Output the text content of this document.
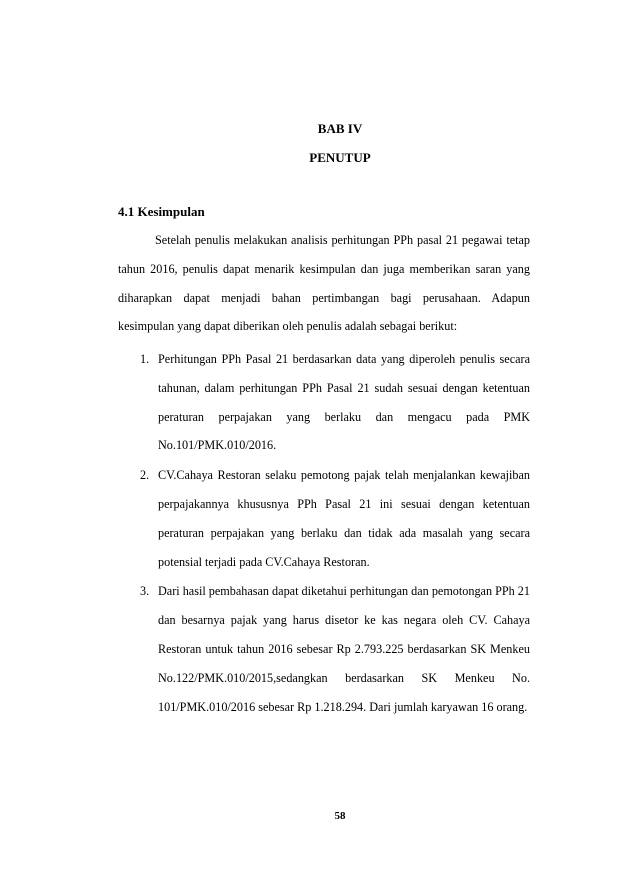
BAB IV
PENUTUP
4.1 Kesimpulan

Setelah penulis melakukan analisis perhitungan PPh pasal 21 pegawai tetap tahun 2016, penulis dapat menarik kesimpulan dan juga memberikan saran yang diharapkan dapat menjadi bahan pertimbangan bagi perusahaan. Adapun kesimpulan yang dapat diberikan oleh penulis adalah sebagai berikut:

1. Perhitungan PPh Pasal 21 berdasarkan data yang diperoleh penulis secara tahunan, dalam perhitungan PPh Pasal 21 sudah sesuai dengan ketentuan peraturan perpajakan yang berlaku dan mengacu pada PMK No.101/PMK.010/2016.
2. CV.Cahaya Restoran selaku pemotong pajak telah menjalankan kewajiban perpajakannya khususnya PPh Pasal 21 ini sesuai dengan ketentuan peraturan perpajakan yang berlaku dan tidak ada masalah yang secara potensial terjadi pada CV.Cahaya Restoran.
3. Dari hasil pembahasan dapat diketahui perhitungan dan pemotongan PPh 21 dan besarnya pajak yang harus disetor ke kas negara oleh CV. Cahaya Restoran untuk tahun 2016 sebesar Rp 2.793.225 berdasarkan SK Menkeu No.122/PMK.010/2015,sedangkan berdasarkan SK Menkeu No. 101/PMK.010/2016 sebesar Rp 1.218.294. Dari jumlah karyawan 16 orang.
58
